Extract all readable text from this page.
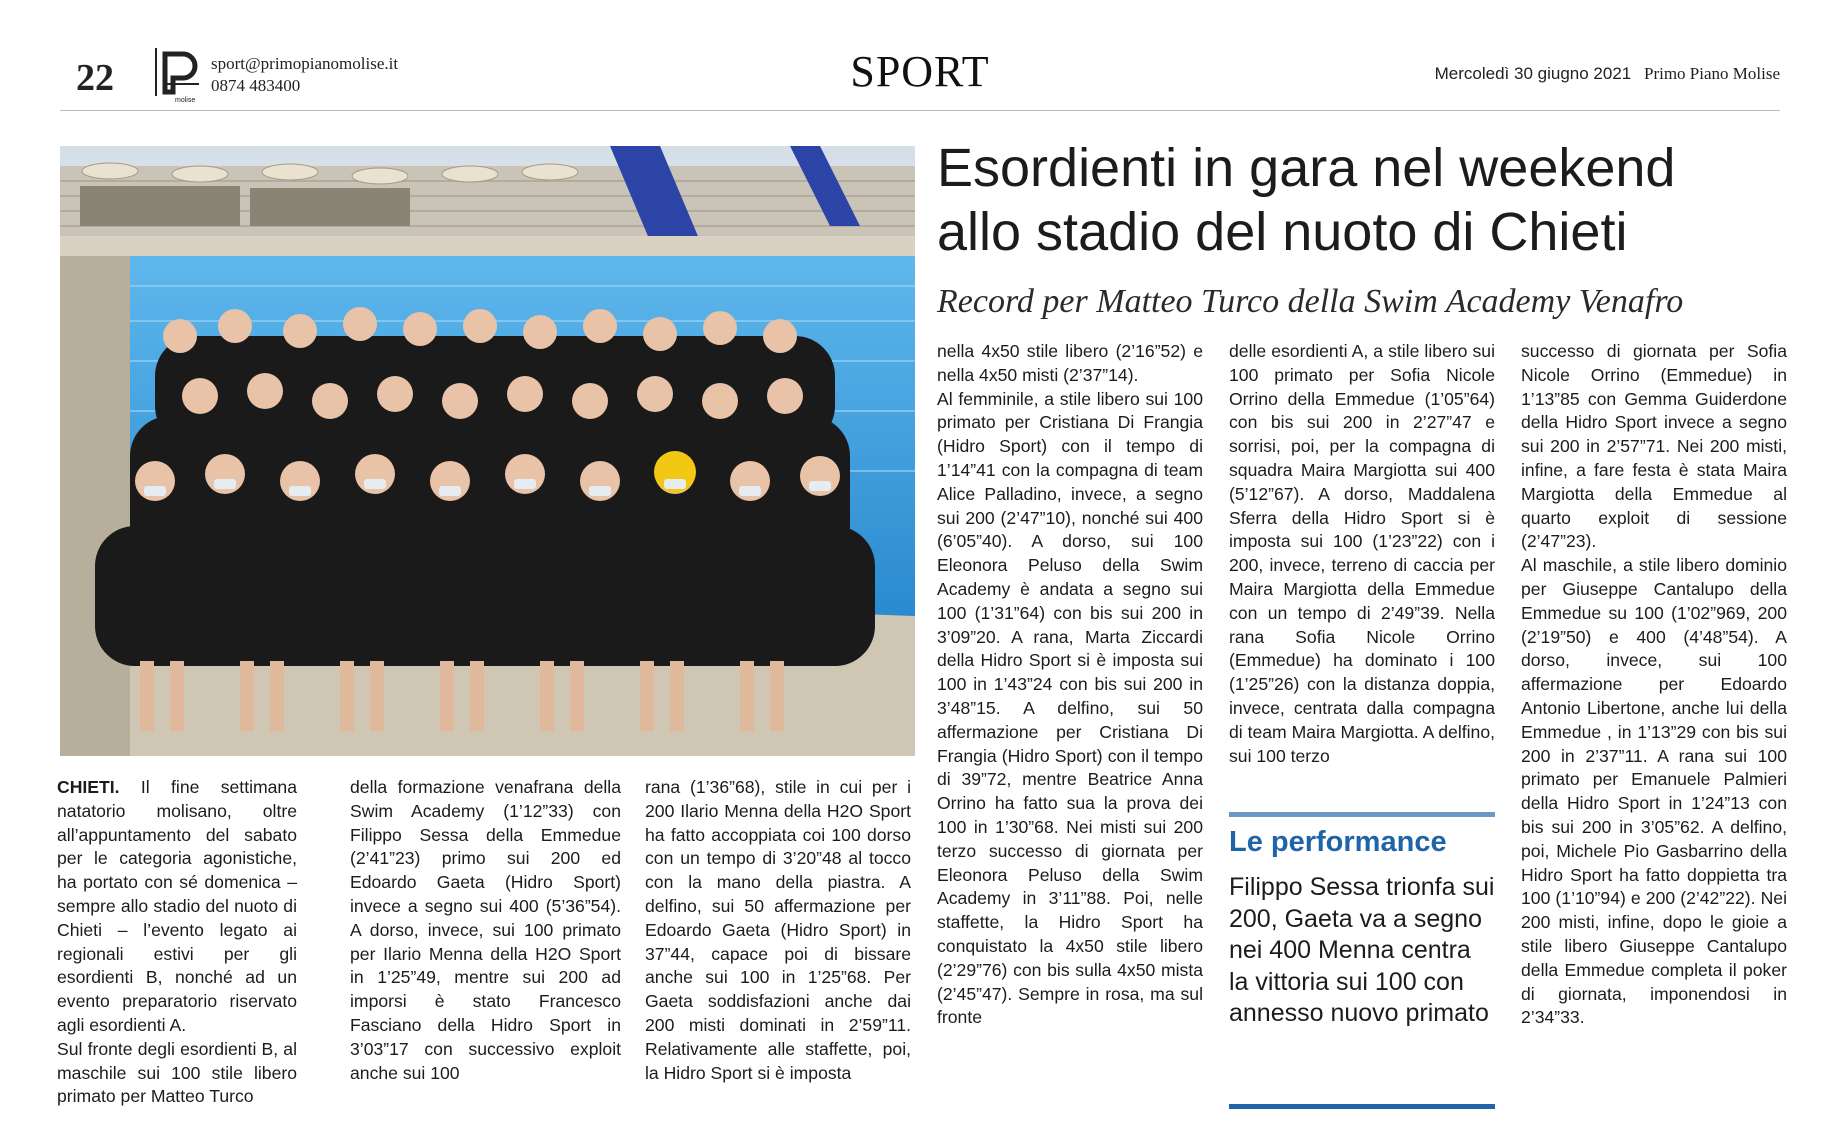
22
molise
sport@primopianomolise.it
0874 483400	SPORT	Mercoledì 30 giugno 2021 Primo Piano Molise
Esordienti in gara nel weekend
allo stadio del nuoto di Chieti
Record per Matteo Turco della Swim Academy Venafro

CHIETI. Il fine settimana natatorio molisano, oltre all’appuntamento del sabato per le categoria agonistiche, ha portato con sé domenica – sempre allo stadio del nuoto di Chieti – l’evento legato ai regionali estivi per gli esordienti B, nonché ad un evento preparatorio riservato agli esordienti A.

Sul fronte degli esordienti B, al maschile sui 100 stile libero primato per Matteo Turco

della formazione venafrana della Swim Academy (1’12”33) con Filippo Sessa della Emmedue (2’41”23) primo sui 200 ed Edoardo Gaeta (Hidro Sport) invece a segno sui 400 (5’36”54). A dorso, invece, sui 100 primato per Ilario Menna della H2O Sport in 1’25”49, mentre sui 200 ad imporsi è stato Francesco Fasciano della Hidro Sport in 3’03”17 con successivo exploit anche sui 100

rana (1’36”68), stile in cui per i 200 Ilario Menna della H2O Sport ha fatto accoppiata coi 100 dorso con un tempo di 3’20”48 al tocco con la mano della piastra. A delfino, sui 50 affermazione per Edoardo Gaeta (Hidro Sport) in 37”44, capace poi di bissare anche sui 100 in 1’25”68. Per Gaeta soddisfazioni anche dai 200 misti dominati in 2’59”11. Relativamente alle staffette, poi, la Hidro Sport si è imposta

nella 4x50 stile libero (2’16”52) e nella 4x50 misti (2’37”14).

Al femminile, a stile libero sui 100 primato per Cristiana Di Frangia (Hidro Sport) con il tempo di 1’14”41 con la compagna di team Alice Palladino, invece, a segno sui 200 (2’47”10), nonché sui 400 (6’05”40). A dorso, sui 100 Eleonora Peluso della Swim Academy è andata a segno sui 100 (1’31”64) con bis sui 200 in 3’09”20. A rana, Marta Ziccardi della Hidro Sport si è imposta sui 100 in 1’43”24 con bis sui 200 in 3’48”15. A delfino, sui 50 affermazione per Cristiana Di Frangia (Hidro Sport) con il tempo di 39”72, mentre Beatrice Anna Orrino ha fatto sua la prova dei 100 in 1’30”68. Nei misti sui 200 terzo successo di giornata per Eleonora Peluso della Swim Academy in 3’11”88. Poi, nelle staffette, la Hidro Sport ha conquistato la 4x50 stile libero (2’29”76) con bis sulla 4x50 mista (2’45”47). Sempre in rosa, ma sul fronte

delle esordienti A, a stile libero sui 100 primato per Sofia Nicole Orrino della Emmedue (1’05”64) con bis sui 200 in 2’27”47 e sorrisi, poi, per la compagna di squadra Maira Margiotta sui 400 (5’12”67). A dorso, Maddalena Sferra della Hidro Sport si è imposta sui 100 (1’23”22) con i 200, invece, terreno di caccia per Maira Margiotta della Emmedue con un tempo di 2’49”39. Nella rana Sofia Nicole Orrino (Emmedue) ha dominato i 100 (1’25”26) con la distanza doppia, invece, centrata dalla compagna di team Maira Margiotta. A delfino, sui 100 terzo

successo di giornata per Sofia Nicole Orrino (Emmedue) in 1’13”85 con Gemma Guiderdone della Hidro Sport invece a segno sui 200 in 2’57”71. Nei 200 misti, infine, a fare festa è stata Maira Margiotta della Emmedue al quarto exploit di sessione (2’47”23).

Al maschile, a stile libero dominio per Giuseppe Cantalupo della Emmedue su 100 (1’02”969, 200 (2’19”50) e 400 (4’48”54). A dorso, invece, sui 100 affermazione per Edoardo Antonio Libertone, anche lui della Emmedue , in 1’13”29 con bis sui 200 in 2’37”11. A rana sui 100 primato per Emanuele Palmieri della Hidro Sport in 1’24”13 con bis sui 200 in 3’05”62. A delfino, poi, Michele Pio Gasbarrino della Hidro Sport ha fatto doppietta tra 100 (1’10”94) e 200 (2’42”22). Nei 200 misti, infine, dopo le gioie a stile libero Giuseppe Cantalupo della Emmedue completa il poker di giornata, imponendosi in 2’34”33.

Le performance
Filippo Sessa trionfa sui 200, Gaeta va a segno nei 400 Menna centra la vittoria sui 100 con annesso nuovo primato
